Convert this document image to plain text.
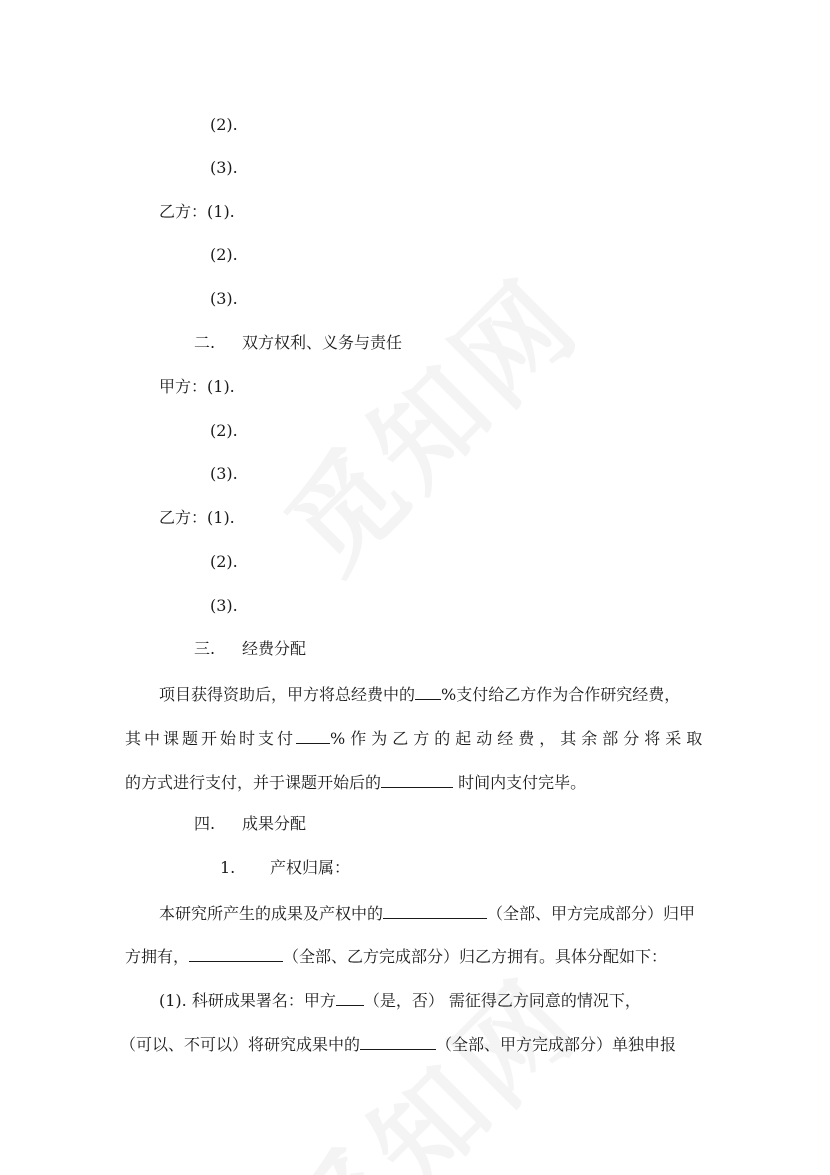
(2).

(3).

乙方：(1).

(2).

(3).

二. 双方权利、义务与责任

甲方：(1).

(2).

(3).

乙方：(1).

(2).

(3).

三. 经费分配

项目获得资助后，甲方将总经费中的 %支付给乙方作为合作研究经费，

其中课题开始时支付 %作为乙方的起动经费，其余部分将采取

的方式进行支付，并于课题开始后的	时间内支付完毕。

四. 成果分配

1. 产权归属：

本研究所产生的成果及产权中的	（全部、甲方完成部分）归甲

方拥有，	（全部、乙方完成部分）归乙方拥有。具体分配如下：

(1). 科研成果署名：甲方 （是，否） 需征得乙方同意的情况下，

（可以、不可以）将研究成果中的	（全部、甲方完成部分）单独申报
